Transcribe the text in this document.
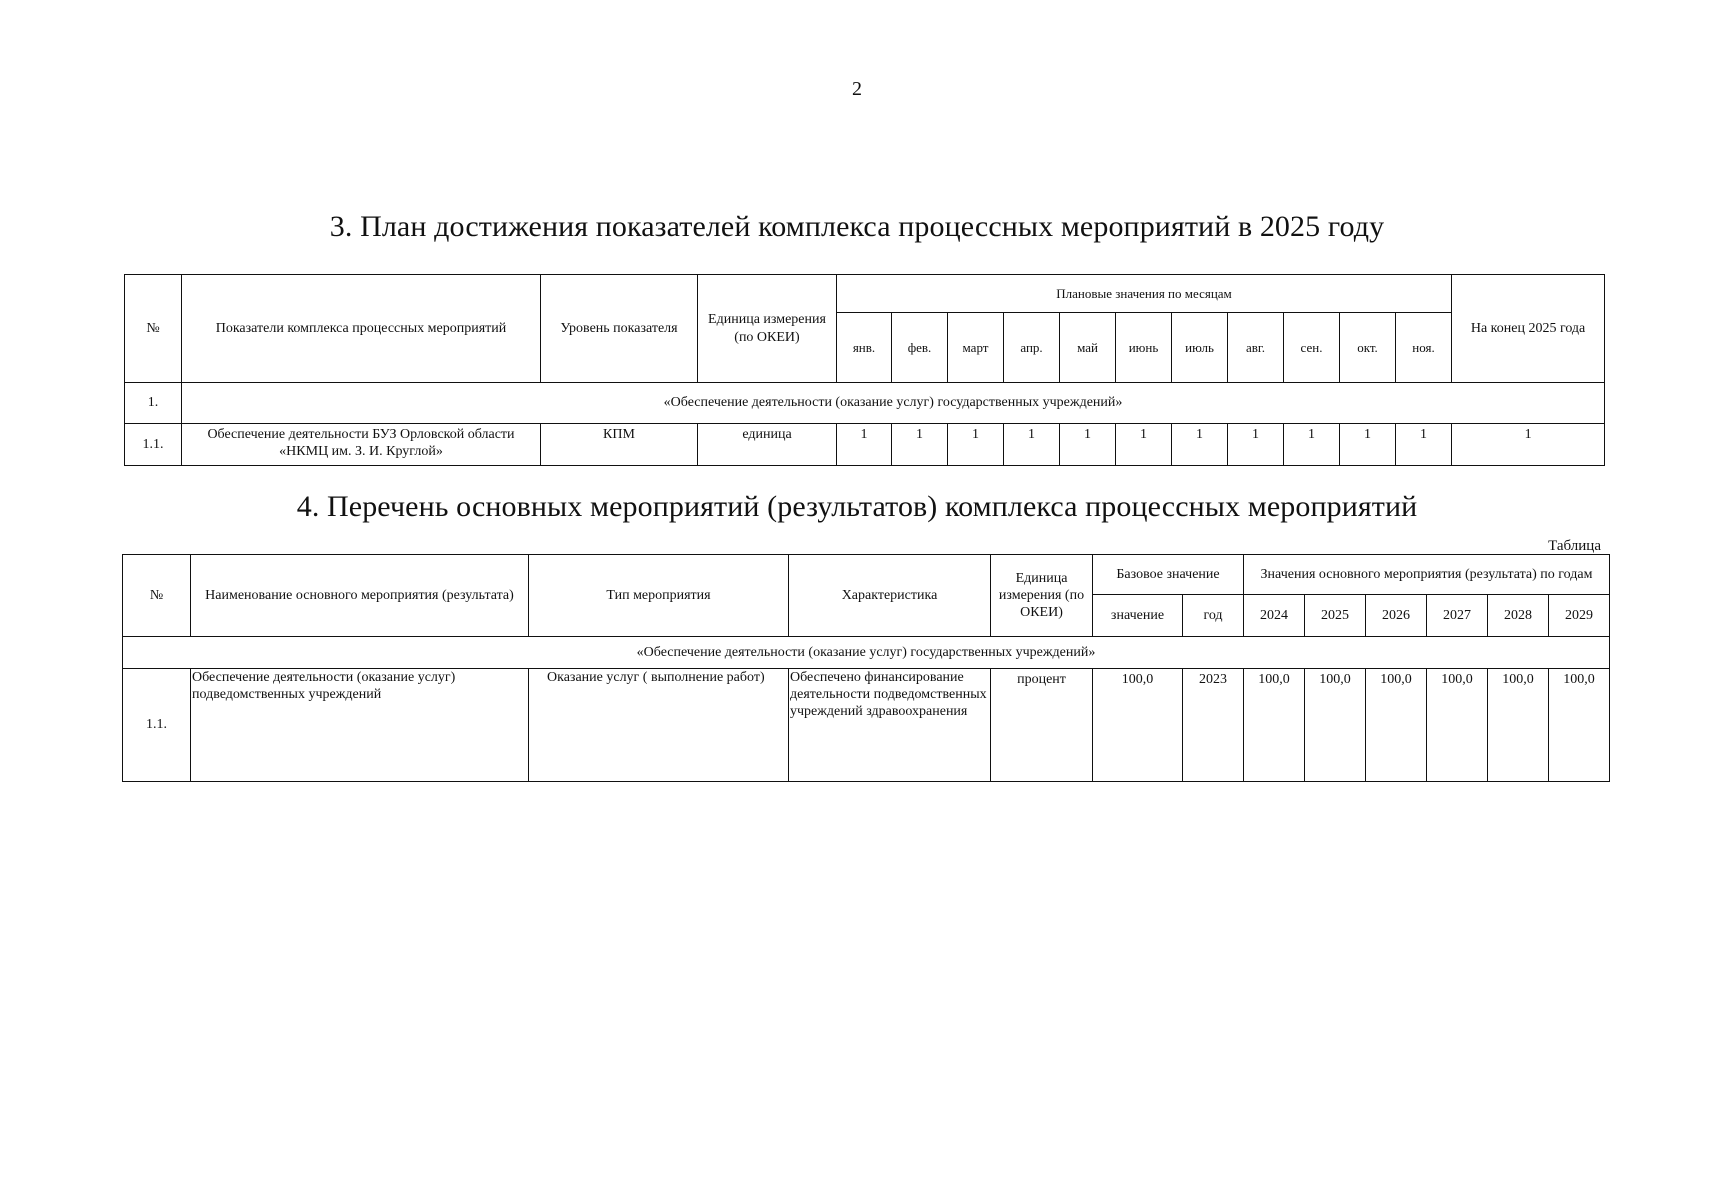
2
3. План достижения показателей комплекса процессных мероприятий в 2025 году
№	Показатели комплекса процессных мероприятий	Уровень показателя	Единица измерения (по ОКЕИ)	Плановые значения по месяцам											На конец 2025 года
				янв.	фев.	март	апр.	май	июнь	июль	авг.	сен.	окт.	ноя.	
1.	«Обеспечение деятельности (оказание услуг) государственных учреждений»														
1.1.	Обеспечение деятельности БУЗ Орловской области «НКМЦ им. З. И. Круглой»	КПМ	единица	1	1	1	1	1	1	1	1	1	1	1	1
4. Перечень основных мероприятий (результатов) комплекса процессных мероприятий
Таблица
№	Наименование основного мероприятия (результата)	Тип мероприятия	Характеристика	Единица измерения (по ОКЕИ)	Базовое значение		Значения основного мероприятия (результата) по годам					
					значение	год	2024	2025	2026	2027	2028	2029
«Обеспечение деятельности (оказание услуг) государственных учреждений»												
1.1.	Обеспечение деятельности (оказание услуг) подведомственных учреждений	Оказание услуг ( выполнение работ)	Обеспечено финансирование деятельности подведомственных учреждений здравоохранения	процент	100,0	2023	100,0	100,0	100,0	100,0	100,0	100,0
